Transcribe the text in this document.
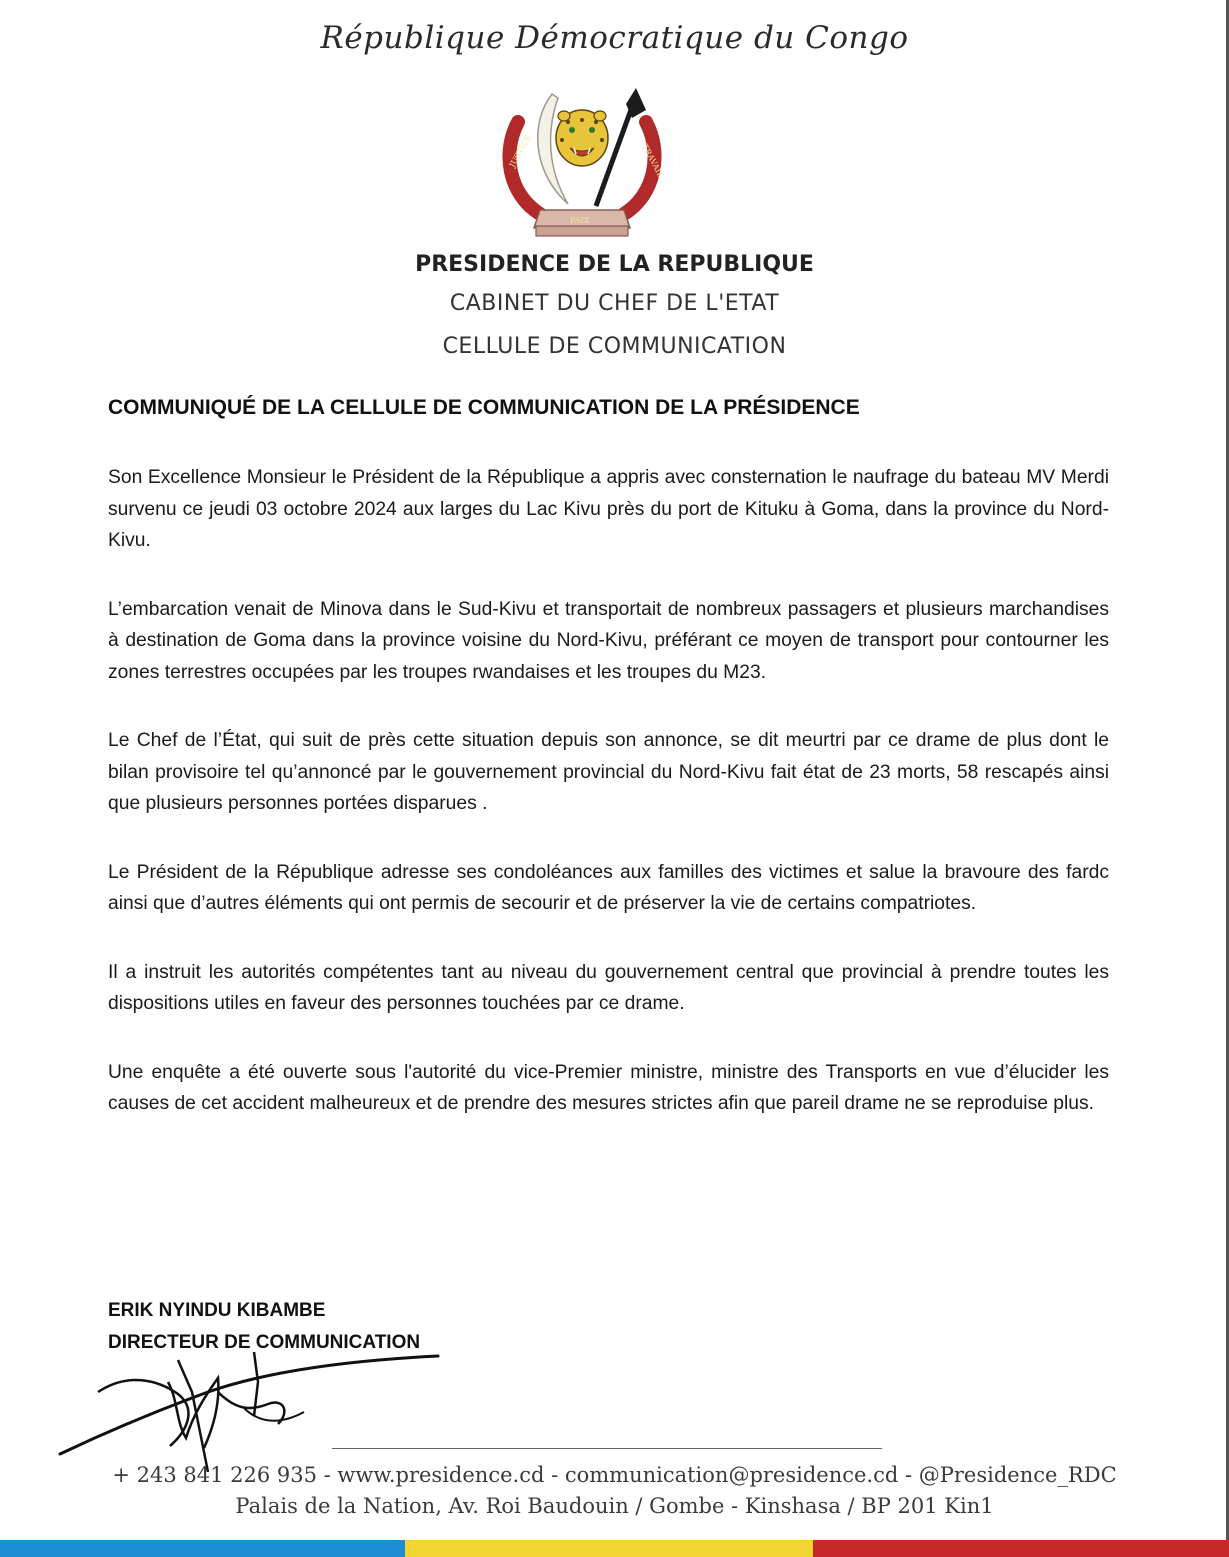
République Démocratique du Congo
JUSTICE	TRAVAIL
PAIX
PRESIDENCE DE LA REPUBLIQUE
CABINET DU CHEF DE L'ETAT
CELLULE DE COMMUNICATION
COMMUNIQUÉ DE LA CELLULE DE COMMUNICATION DE LA PRÉSIDENCE

Son Excellence Monsieur le Président de la République a appris avec consternation le naufrage du bateau MV Merdi survenu ce jeudi 03 octobre 2024 aux larges du Lac Kivu près du port de Kituku à Goma, dans la province du Nord-Kivu.

L’embarcation venait de Minova dans le Sud-Kivu et transportait de nombreux passagers et plusieurs marchandises à destination de Goma dans la province voisine du Nord-Kivu, préférant ce moyen de transport pour contourner les zones terrestres occupées par les troupes rwandaises et les troupes du M23.

Le Chef de l’État, qui suit de près cette situation depuis son annonce, se dit meurtri par ce drame de plus dont le bilan provisoire tel qu’annoncé par le gouvernement provincial du Nord-Kivu fait état de 23 morts, 58 rescapés ainsi que plusieurs personnes portées disparues .

Le Président de la République adresse ses condoléances aux familles des victimes et salue la bravoure des fardc ainsi que d’autres éléments qui ont permis de secourir et de préserver la vie de certains compatriotes.

Il a instruit les autorités compétentes tant au niveau du gouvernement central que provincial à prendre toutes les dispositions utiles en faveur des personnes touchées par ce drame.

Une enquête a été ouverte sous l'autorité du vice-Premier ministre, ministre des Transports en vue d’élucider les causes de cet accident malheureux et de prendre des mesures strictes afin que pareil drame ne se reproduise plus.

ERIK NYINDU KIBAMBE
DIRECTEUR DE COMMUNICATION
+ 243 841 226 935 - www.presidence.cd - communication@presidence.cd - @Presidence_RDC
Palais de la Nation, Av. Roi Baudouin / Gombe - Kinshasa / BP 201 Kin1
